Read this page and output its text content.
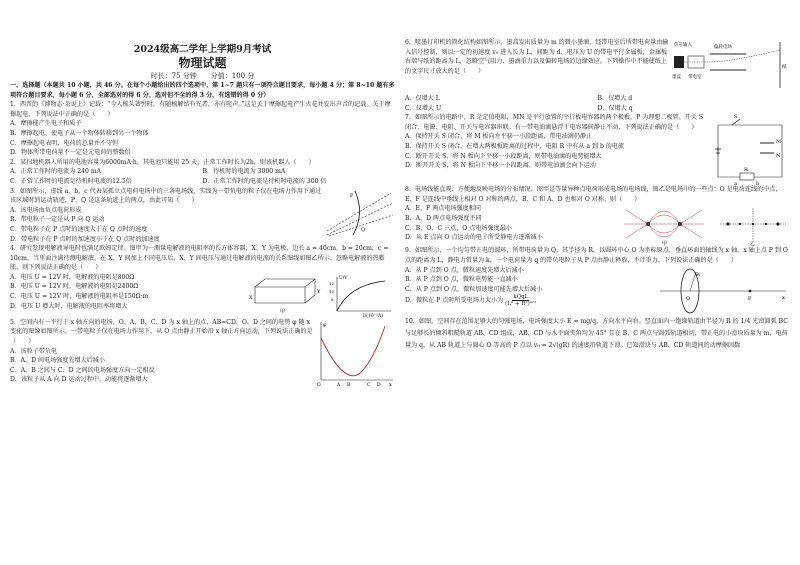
2024级高二学年上学期9月考试
物理试题
时长：75 分钟　　分值：100 分

一、选择题（本题共 10 小题，共 46 分。在每个小题给出的四个选项中，第 1~7 题只有一项符合题目要求，每小题 4 分；第 8~10 题有多项符合题目要求，每小题 6 分，全部选对的得 6 分，选对但不全的得 3 分，有选错的得 0 分）

1．西晋的《博物志·杂说上》记载：“今人梳头著髻时，有随梳解结有光者，亦有咤声。”这是关于摩擦起电产生火花并发出声音的记载。关于摩擦起电，下列说法中正确的是（　　）

A．摩擦能产生电子和质子

B．摩擦起电，使电子从一个物体转移到另一个物体

C．摩擦起电表明，电荷的总量并不守恒

D．物体所带电荷量不一定是元电荷的整数倍

2．某扫地机器人所用的电池容量为6000mA·h，其电池只能用 25 天，正常工作时长为2h，则该机器人（　　）

A．正常工作时的电流为 240 mA	B．待机时的电流为 3000 mA
C．正常工作时的电流是待机时电流的12.5倍	D．正常工作时的电流是待机时电流的 300 倍

3．如图所示，虚线 a、b、c 代表某孤立点电荷电场中的三条电场线，实线为一带负电的粒子仅在电场力作用下通过该区域时的运动轨迹，P、Q 是这条轨迹上的两点，由此可知（　　）

A．该电场由负点电荷形成

B．带电粒子一定是从 P 向 Q 运动

C．带电粒子在 P 点时的速度大于在 Q 点时的速度

D．带电粒子在 P 点时的加速度小于在 Q 点时的加速度

P
Q

4．研究发现电解液导电时也满足欧姆定律。图甲为一测量电解液的电阻率的长方体容器，X、Y 为电极，边长 a = 40cm，b = 20cm，c = 10cm，当里面注满待测电解液，在 X、Y 间加上不同电压后，X、Y 间电压与通过电解液的电流的关系图线如图乙所示。忽略电解液的热膨胀，则下列说法正确的是（　　）

A．电压 U = 12V 时，电解液的电阻是800Ω

B．电压 U = 12V 时，电解液的电阻是2400Ω

C．电压 U = 12V 时，电解液的电阻率是150Ω·m

D．电压 U 增大时，电解液的电阻率将增大

X
Y
甲
U/V
I/(10⁻³A)
12
10
8

5．空间内有一平行于 x 轴方向的电场，O、A、B、C、D 为 x 轴上的点，AB=CD，O、D 之间的电势 φ 随 x 变化的图像如图所示，一带电粒子仅在电场力作用下，从 O 点由静止开始沿 x 轴正方向运动，下列说法正确的是（　　）

A．该粒子带负电

B．A、D 间电场强度先增大后减小

C．A、B 之间与 C、D 之间的电场强度方向一定相反

D．该粒子从 A 向 D 运动过程中，动能将逐渐增大

φ
x
O	A B	C D

6．喷墨打印机的简化结构如图所示，墨盒发出质量为 m 的微小墨滴，经带电室后所带电荷量由输入信号控制，则以一定的初速度 v₀ 进入长为 L、间距为 d、电压为 U 的带电平行金属板，金属板右端与纸的距离为 L，忽略空气阻力、墨滴重力以及偏转电场的边缘效应。下列操作中不能使纸上的文字尺寸放大的是（　　）

信号输入	偏转电场
墨盒 带电室
纸
A．仅增大 L	B．仅增大 d
C．仅增大 U	D．仅增大 q

7．如图所示的电路中，R 是定值电阻，MN 是平行放置的平行板电容器的两个极板，P 为理想二极管。开关 S 闭合，电源、电阻、开关与电容器串联。有一带电油滴悬浮于电容器间静止不动，下列说法正确的是（　　）

A．保持开关 S 闭合，将 M 板向左平移一小段距离，带电油滴仍静止

B．保持开关 S 闭合，在增大两极板距离的过程中，电阻 R 中有从 a 到 b 的电流

C．断开开关 S，将 N 板向下平移一小段距离，则带电油滴的电势能增大

D．断开开关 S，将 N 板向下平移一小段距离，则带电油滴会向下运动

S
M
N
a
R
b

8．电场线能直观、方便地反映电场的分布情况。图甲是等量异种点电荷形成电场的电场线，图乙是电场中的一些点：O 是电荷连线的中点，E、F 是连线中垂线上相对 O 对称的两点，B、C 和 A、D 也相对 O 对称。则（　　）

A．E、F 两点电场强度相同

B．A、D 两点电场强度不同

C．B、O、C 三点，O 点电场强度最小

D．从 E 点向 O 点运动的电子所受静电力逐渐减小

甲	乙

9．如图所示，一个均匀带正电的圆环，所带电荷量为 Q，其半径为 R，以圆环中心 O 为坐标原点，垂直环面的轴线为 x 轴。x 轴上点 P 到 O 点的距离为 L，静电力常量为 k，一个电荷量为 q 的带负电粒子从 P 点由静止释放，不计重力，下列说法正确的是（　　）

A．从 P 点到 O 点，微粒速度先增大后减小

B．从 P 点到 O 点，微粒电势能一直减小

C．从 P 点到 O 点，微粒加速度可能先增大后减小

D．微粒在 P 点时所受电场力大小为 $\frac{\text{kQqL}}{\text{(L² + R²)³ᐟ²}}$

R
O	P	x

10．如图，空间存在范围足够大的匀强电场，电场强度大小 E = mg/q，方向水平向右。竖直面内一绝缘轨道由半径为 R 的 1/4 光滑圆弧 BC 与足够长的倾斜粗糙轨道 AB、CD 组成，AB、CD 与水平面夹角均为 45° 且在 B、C 两点与圆弧轨道相切，带正电的小滑块质量为 m，电荷量为 q，从 AB 轨道上与圆心 O 等高的 P 点以 v₀ = 2√(gR) 的速度沿轨道下滑。已知滑块与 AB、CD 轨道间的动摩擦因数
